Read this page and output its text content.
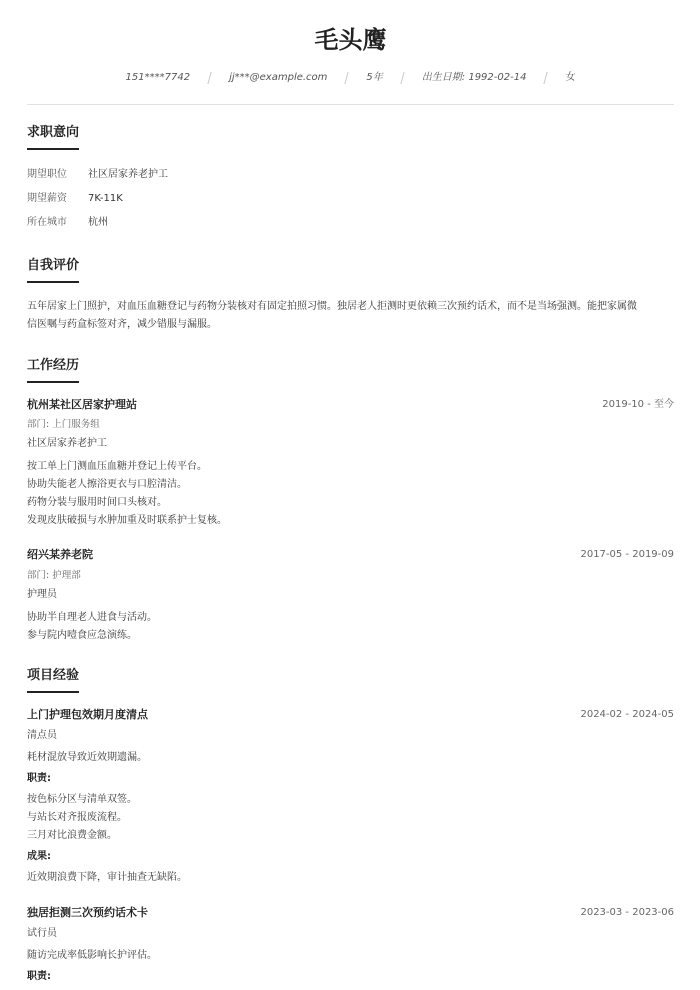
毛头鹰
151****7742	jj***@example.com	5年	出生日期: 1992-02-14	女
求职意向
期望职位 社区居家养老护工
期望薪资 7K-11K
所在城市 杭州
自我评价
五年居家上门照护，对血压血糖登记与药物分装核对有固定拍照习惯。独居老人拒测时更依赖三次预约话术，而不是当场强测。能把家属微
信医嘱与药盒标签对齐，减少错服与漏服。
工作经历
杭州某社区居家护理站	2019-10 - 至今
部门: 上门服务组
社区居家养老护工
按工单上门测血压血糖并登记上传平台。
协助失能老人擦浴更衣与口腔清洁。
药物分装与服用时间口头核对。
发现皮肤破损与水肿加重及时联系护士复核。
绍兴某养老院	2017-05 - 2019-09
部门: 护理部
护理员
协助半自理老人进食与活动。
参与院内噎食应急演练。
项目经验
上门护理包效期月度清点	2024-02 - 2024-05
清点员
耗材混放导致近效期遗漏。
职责:
按色标分区与清单双签。
与站长对齐报废流程。
三月对比浪费金额。
成果:
近效期浪费下降，审计抽查无缺陷。
独居拒测三次预约话术卡	2023-03 - 2023-06
试行员
随访完成率低影响长护评估。
职责:
